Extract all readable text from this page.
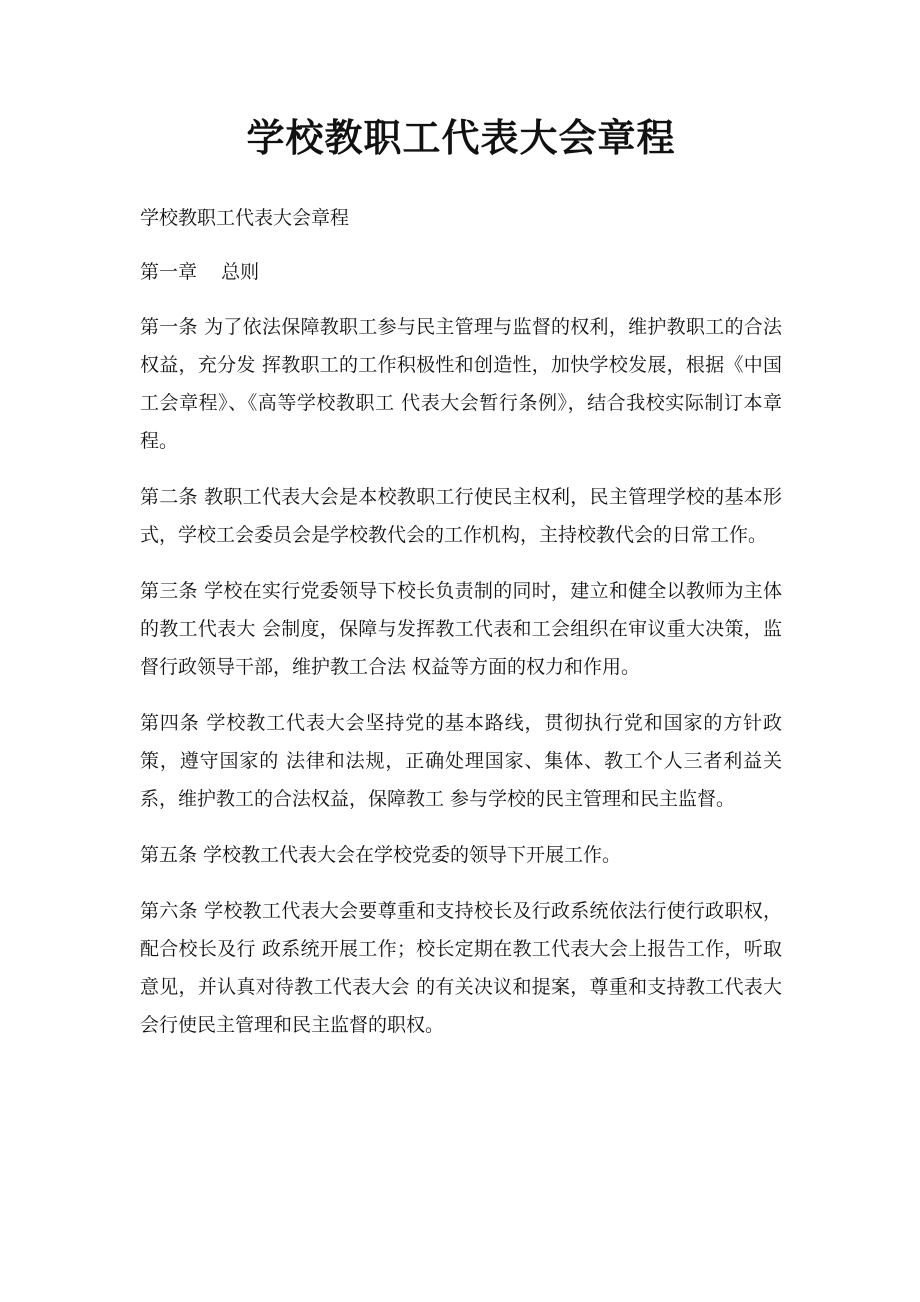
学校教职工代表大会章程

学校教职工代表大会章程

第一章    总则

第一条 为了依法保障教职工参与民主管理与监督的权利，维护教职工的合法权益，充分发 挥教职工的工作积极性和创造性，加快学校发展，根据《中国工会章程》、《高等学校教职工 代表大会暂行条例》，结合我校实际制订本章程。

第二条 教职工代表大会是本校教职工行使民主权利，民主管理学校的基本形式，学校工会委员会是学校教代会的工作机构，主持校教代会的日常工作。

第三条 学校在实行党委领导下校长负责制的同时，建立和健全以教师为主体的教工代表大 会制度，保障与发挥教工代表和工会组织在审议重大决策，监督行政领导干部，维护教工合法 权益等方面的权力和作用。

第四条 学校教工代表大会坚持党的基本路线，贯彻执行党和国家的方针政策，遵守国家的 法律和法规，正确处理国家、集体、教工个人三者利益关系，维护教工的合法权益，保障教工 参与学校的民主管理和民主监督。

第五条 学校教工代表大会在学校党委的领导下开展工作。

第六条 学校教工代表大会要尊重和支持校长及行政系统依法行使行政职权，配合校长及行 政系统开展工作；校长定期在教工代表大会上报告工作，听取意见，并认真对待教工代表大会 的有关决议和提案，尊重和支持教工代表大会行使民主管理和民主监督的职权。
